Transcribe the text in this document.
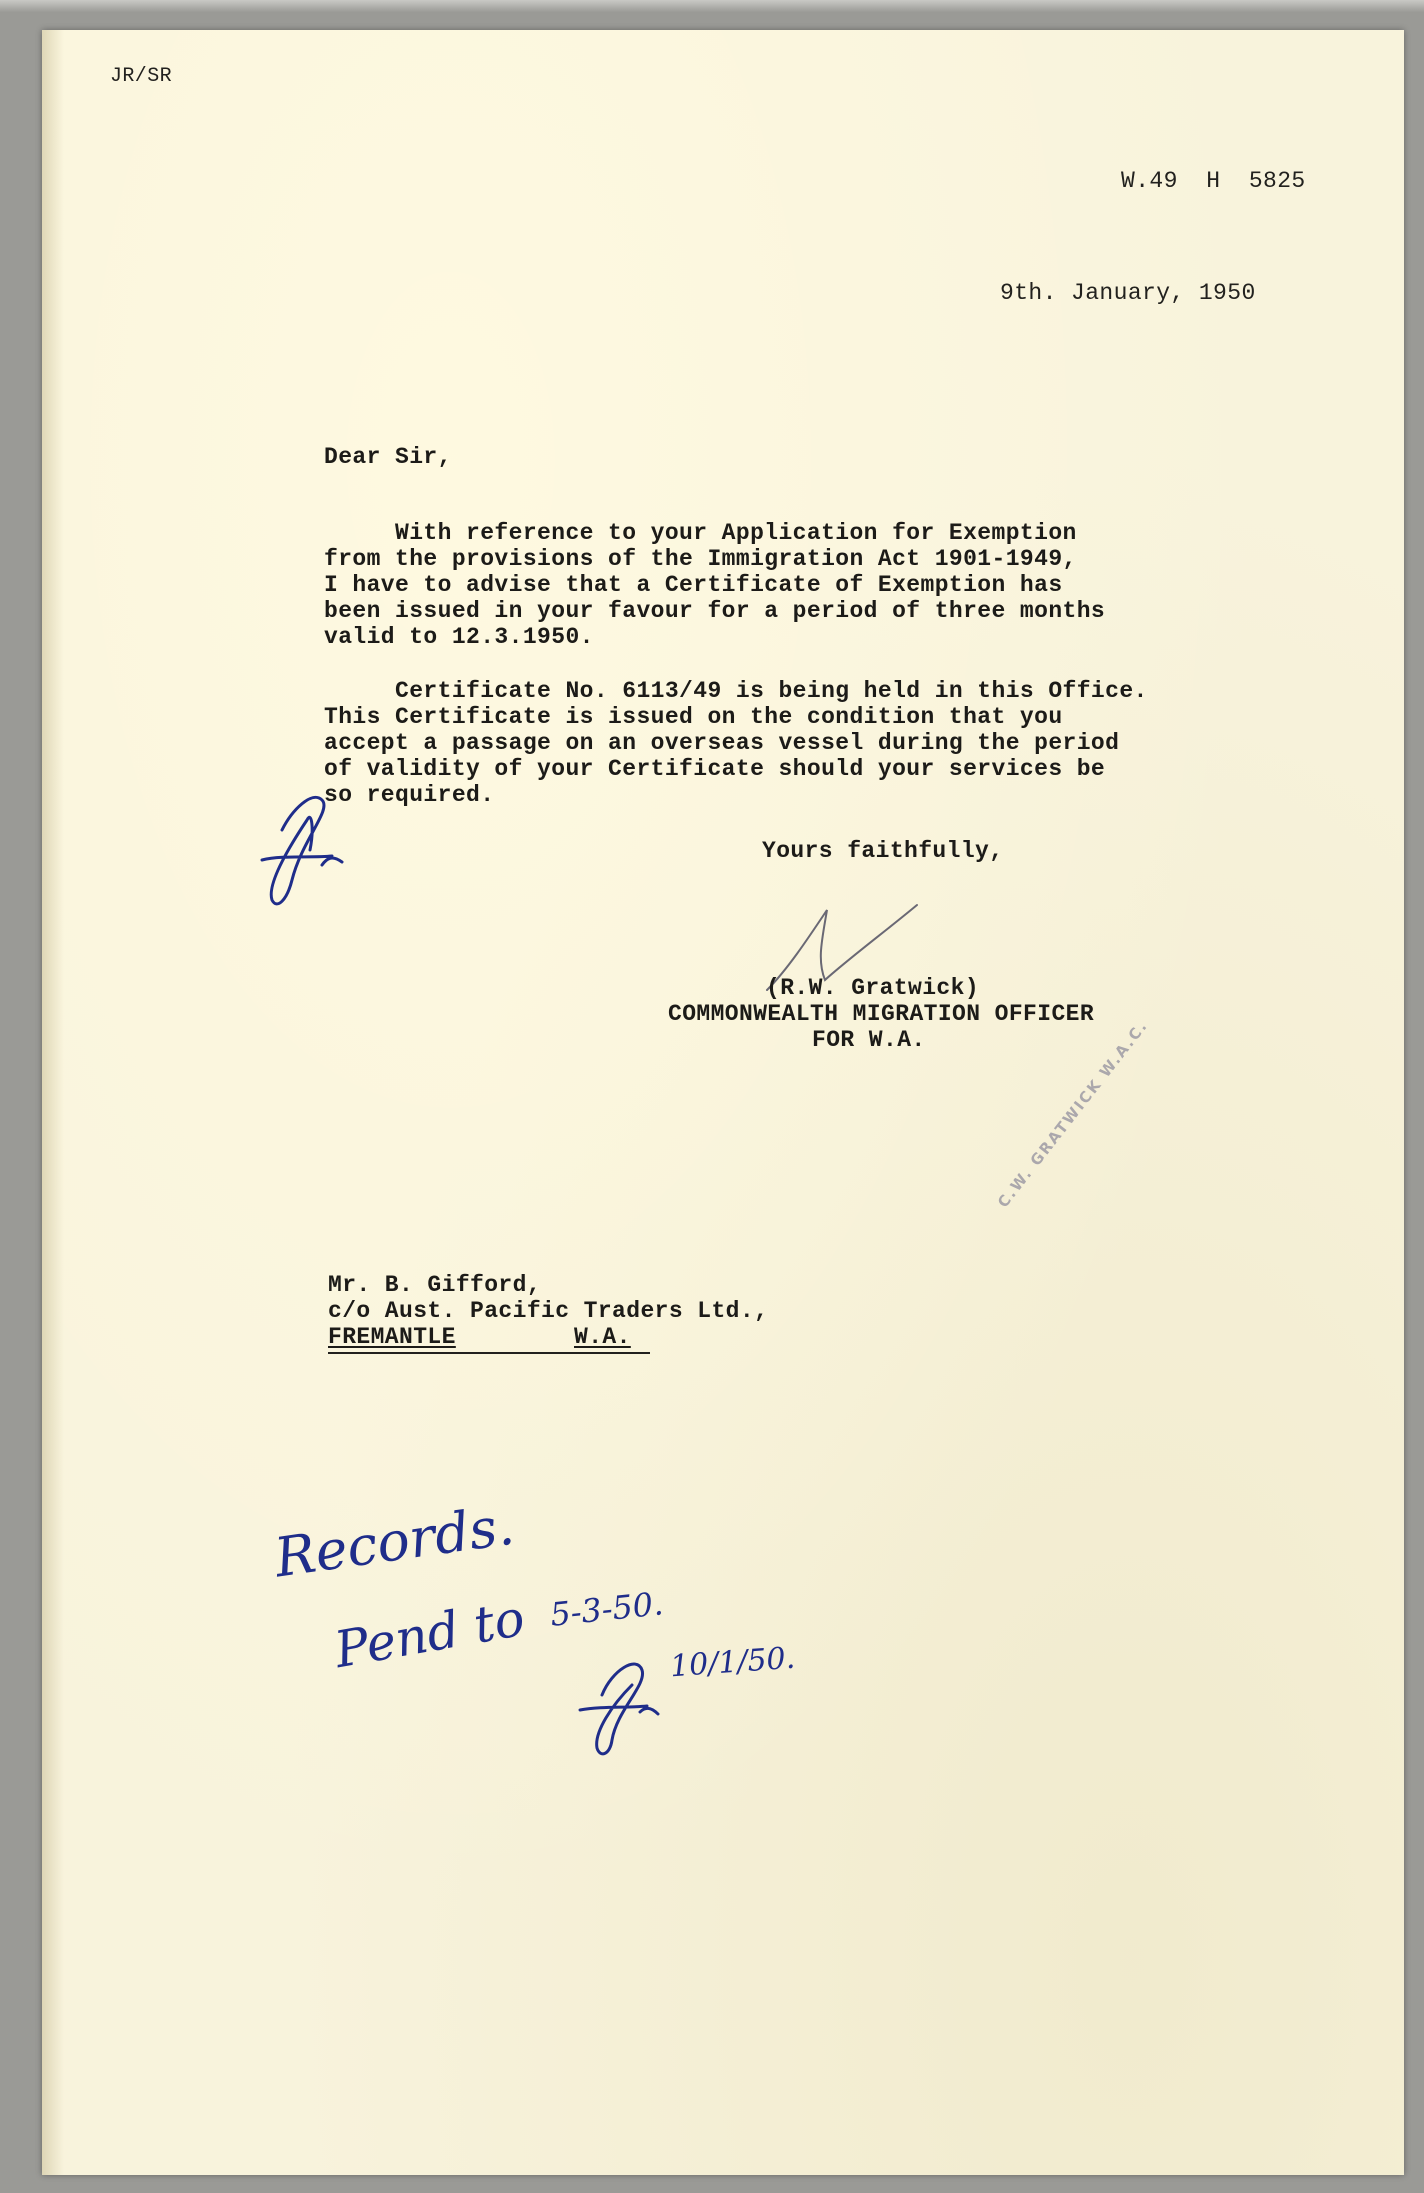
JR/SR
W.49  H  5825
9th. January, 1950
Dear Sir,
With reference to your Application for Exemption
from the provisions of the Immigration Act 1901-1949,
I have to advise that a Certificate of Exemption has
been issued in your favour for a period of three months
valid to 12.3.1950.
Certificate No. 6113/49 is being held in this Office.
This Certificate is issued on the condition that you
accept a passage on an overseas vessel during the period
of validity of your Certificate should your services be
so required.
Yours faithfully,
(R.W. Gratwick)
COMMONWEALTH MIGRATION OFFICER
FOR W.A.	C.W. GRATWICK W.A.C.
Mr. B. Gifford,
c/o Aust. Pacific Traders Ltd.,
FREMANTLE	W.A.
Records.
Pend to 5-3-50.
10/1/50.
